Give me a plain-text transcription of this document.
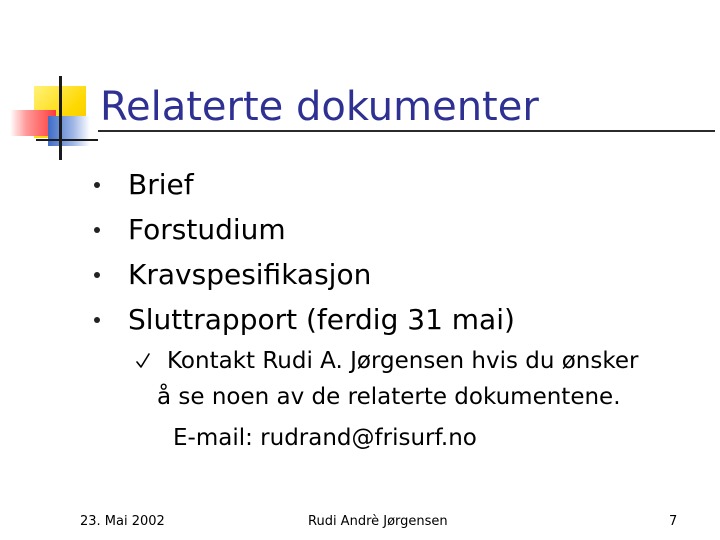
Relaterte dokumenter
Brief
Forstudium
Kravspesifikasjon
Sluttrapport (ferdig 31 mai)
Kontakt Rudi A. Jørgensen hvis du ønsker
å se noen av de relaterte dokumentene.
E-mail: rudrand@frisurf.no
23. Mai 2002	Rudi Andrè Jørgensen	7
